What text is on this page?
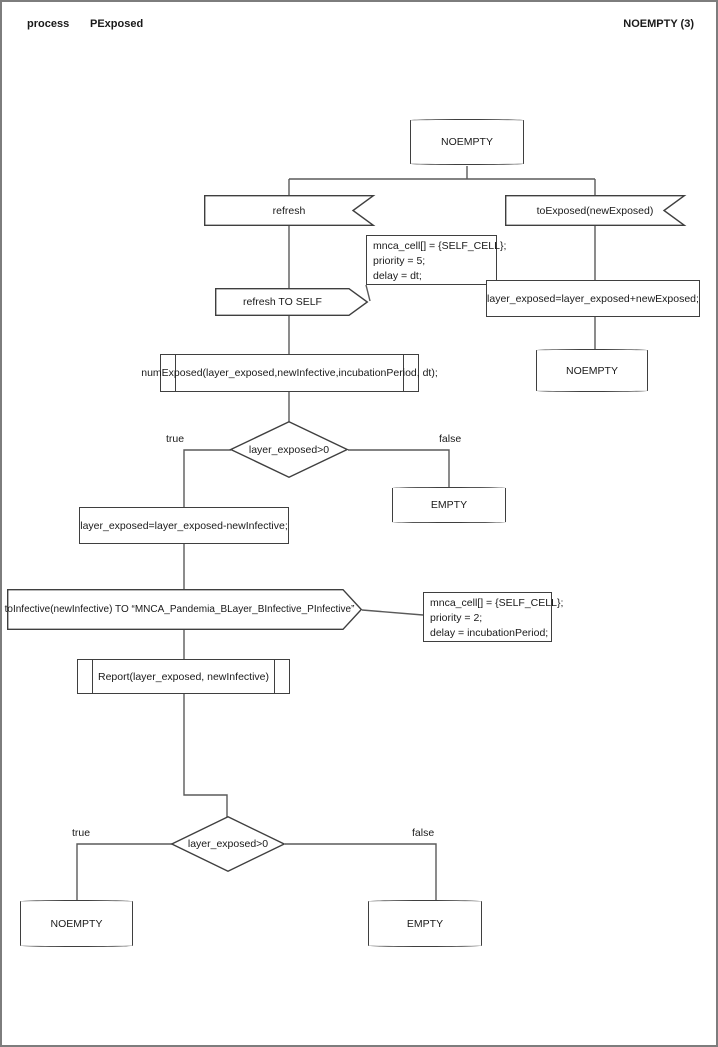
process PExposed	NOEMPTY (3)
NOEMPTY
refresh	toExposed(newExposed)
mnca_cell[] = {SELF_CELL};
priority = 5;
delay = dt;
refresh TO SELF	layer_exposed=layer_exposed+newExposed;
NOEMPTY
numExposed(layer_exposed,newInfective,incubationPeriod, dt);
layer_exposed>0
true	false
EMPTY
layer_exposed=layer_exposed-newInfective;
toInfective(newInfective) TO “MNCA_Pandemia_BLayer_BInfective_PInfective”
mnca_cell[] = {SELF_CELL};
priority = 2;
delay = incubationPeriod;
Report(layer_exposed, newInfective)
layer_exposed>0
true	false
NOEMPTY	EMPTY
